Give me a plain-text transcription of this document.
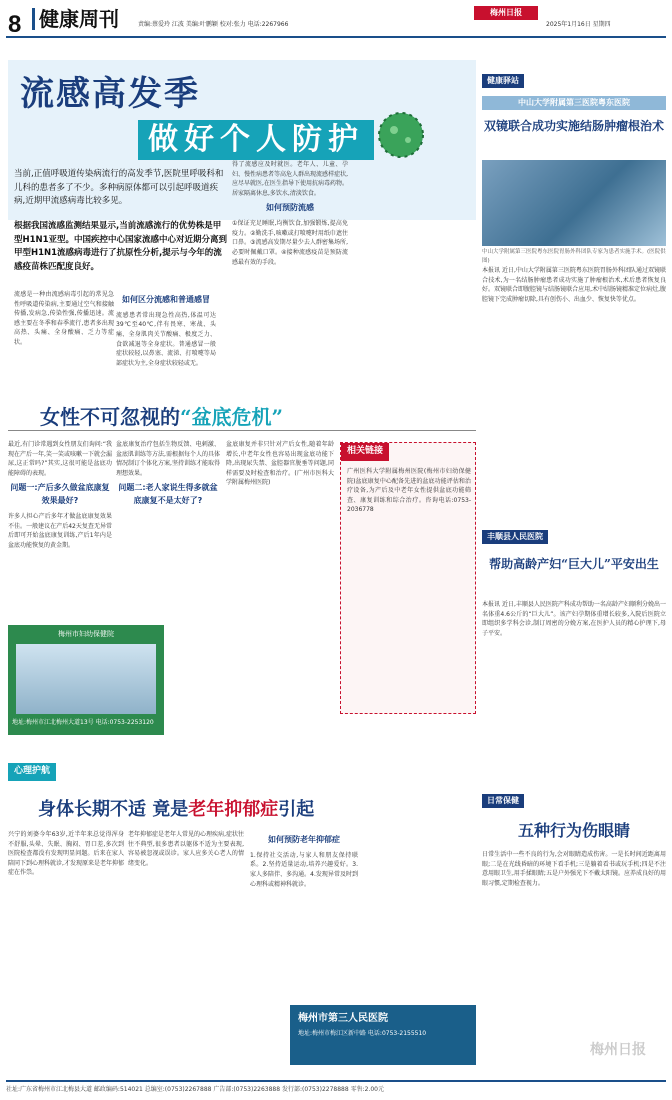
8 健康周刊	责编:蔡爱玲 江波 美编:叶鹏颖 校对:张力 电话:2267966
梅州日报
2025年1月16日 星期四
流感高发季
做好个人防护
当前,正值呼吸道传染病流行的高发季节,医院里呼吸科和儿科的患者多了不少。多种病原体都可以引起呼吸道疾病,近期甲流感病毒比较多见。
根据我国流感监测结果显示,当前流感流行的优势株是甲型H1N1亚型。中国疾控中心国家流感中心对近期分离到甲型H1N1流感病毒进行了抗原性分析,提示与今年的流感疫苗株匹配度良好。

流感是一种由流感病毒引起的常见急性呼吸道传染病,主要通过空气和接触传播,发病急,传染性强,传播迅速。流感主要在冬季和春季流行,患者多出现高热、头痛、全身酸痛、乏力等症状。

如何区分流感和普通感冒

流感患者常出现急性高热,体温可达39℃至40℃,伴有畏寒、寒战、头痛、全身肌肉关节酸痛、极度乏力、食欲减退等全身症状。普通感冒一般症状较轻,以鼻塞、流涕、打喷嚏等局部症状为主,全身症状较轻或无。

得了流感应及时就医。老年人、儿童、孕妇、慢性病患者等高危人群出现流感样症状,应尽早就医,在医生指导下使用抗病毒药物。居家隔离休息,多饮水,清淡饮食。

如何预防流感

①保证充足睡眠,均衡饮食,加强锻炼,提高免疫力。②勤洗手,咳嗽或打喷嚏时用纸巾遮住口鼻。③流感高发期尽量少去人群密集场所,必要时佩戴口罩。④接种流感疫苗是预防流感最有效的手段。

健康驿站
中山大学附属第三医院粤东医院
双镜联合成功实施结肠肿瘤根治术
中山大学附属第三医院粤东医院胃肠外科团队专家为患者实施手术。(医院供图)

本报讯 近日,中山大学附属第三医院粤东医院胃肠外科团队通过双镜联合技术,为一名结肠肿瘤患者成功实施了肿瘤根治术,术后患者恢复良好。双镜联合即腹腔镜与结肠镜联合应用,术中结肠镜精准定位病灶,腹腔镜下完成肿瘤切除,具有创伤小、出血少、恢复快等优点。

女性不可忽视的“盆底危机”

最近,有门诊常遇到女性朋友们询问:“我现在产后一年,笑一笑或咳嗽一下就会漏尿,这正常吗?”其实,这很可能是盆底功能障碍的表现。

问题一:产后多久做盆底康复效果最好?

许多人担心产后多年才做盆底康复效果不佳。一般建议在产后42天复查无异常后即可开始盆底康复训练,产后1年内是盆底功能恢复的黄金期。

盆底康复治疗包括生物反馈、电刺激、盆底肌训练等方法,需根据每个人的具体情况制订个体化方案,坚持训练才能取得理想效果。

问题二:老人家说生得多就盆底康复不是太好了?

盆底康复并非只针对产后女性,随着年龄增长,中老年女性也容易出现盆底功能下降,出现尿失禁、盆腔器官脱垂等问题,同样需要及时检查和治疗。(广州市医科大学附属梅州医院)

相关链接
广州医科大学附属梅州医院(梅州市妇幼保健院)盆底康复中心配备先进的盆底功能评估和治疗设备,为产后及中老年女性提供盆底功能筛查、康复训练和综合治疗。咨询电话:0753-2036778
梅州市妇幼保健院
地址:梅州市江北梅州大道13号 电话:0753-2253120
丰顺县人民医院
帮助高龄产妇“巨大儿”平安出生

本报讯 近日,丰顺县人民医院产科成功帮助一名高龄产妇顺利分娩出一名体重4.6公斤的“巨大儿”。该产妇孕期体重增长较多,入院后医院立即组织多学科会诊,制订周密的分娩方案,在医护人员的精心护理下,母子平安。

心理护航
身体长期不适 竟是老年抑郁症引起

兴宁的刘婆今年63岁,近半年来总觉得浑身不舒服,头晕、失眠、胸闷、胃口差,多次到医院检查都没有发现明显问题。后来在家人陪同下到心理科就诊,才发现原来是老年抑郁症在作祟。

老年抑郁症是老年人常见的心理疾病,症状往往不典型,很多患者以躯体不适为主要表现,容易被忽视或误诊。家人应多关心老人的情绪变化。

如何预防老年抑郁症

1.保持社交活动,与家人和朋友保持联系。2.坚持适量运动,培养兴趣爱好。3.家人多陪伴、多沟通。4.发现异常及时到心理科或精神科就诊。

梅州市第三人民医院
地址:梅州市梅江区新中路 电话:0753-2155510
日常保健
五种行为伤眼睛

日常生活中一些不良的行为,会对眼睛造成伤害。一是长时间近距离用眼;二是在光线昏暗的环境下看手机;三是躺着看书或玩手机;四是不注意用眼卫生,用手揉眼睛;五是户外强光下不戴太阳镜。应养成良好的用眼习惯,定期检查视力。

社址:广东省梅州市江北梅县大道 邮政编码:514021 总编室:(0753)2267888 广告部:(0753)2263888 发行部:(0753)2278888 零售:2.00元
梅州日报
